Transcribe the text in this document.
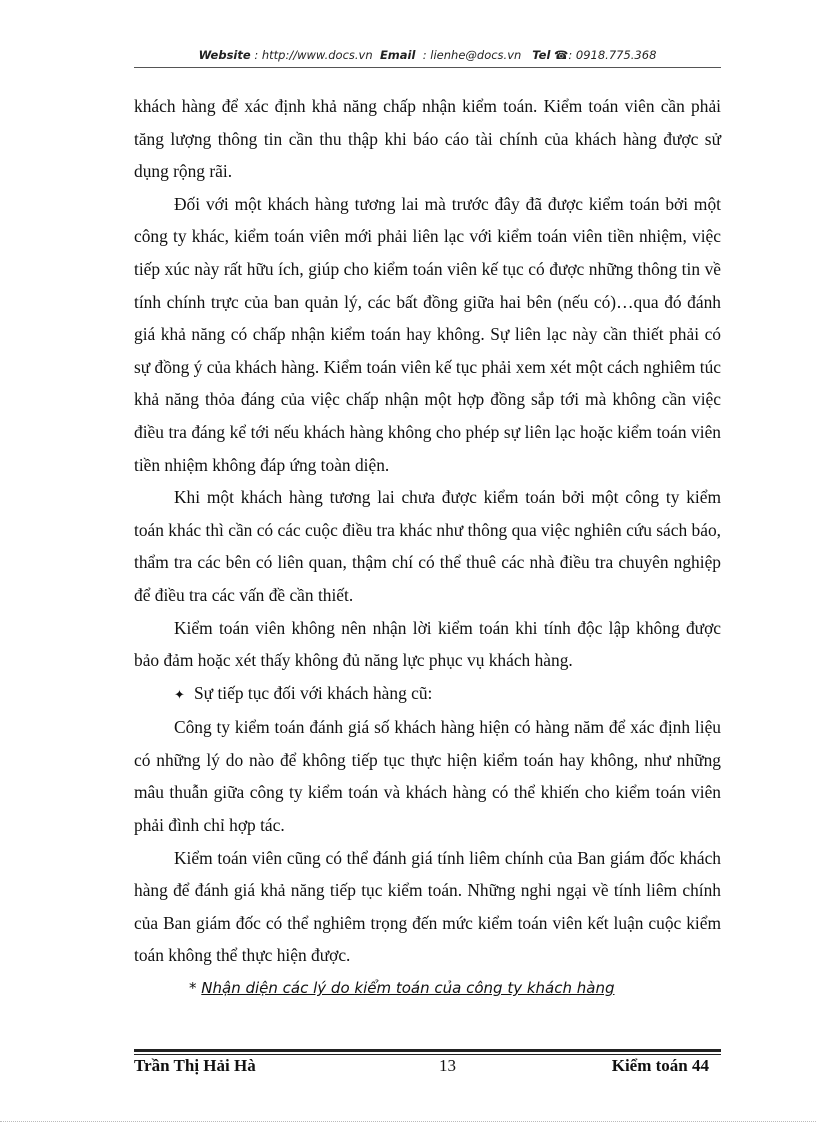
Website : http://www.docs.vn Email : lienhe@docs.vn Tel ☎: 0918.775.368

khách hàng để xác định khả năng chấp nhận kiểm toán. Kiểm toán viên cần phải tăng lượng thông tin cần thu thập khi báo cáo tài chính của khách hàng được sử dụng rộng rãi.

Đối với một khách hàng tương lai mà trước đây đã được kiểm toán bởi một công ty khác, kiểm toán viên mới phải liên lạc với kiểm toán viên tiền nhiệm, việc tiếp xúc này rất hữu ích, giúp cho kiểm toán viên kế tục có được những thông tin về tính chính trực của ban quản lý, các bất đồng giữa hai bên (nếu có)…qua đó đánh giá khả năng có chấp nhận kiểm toán hay không. Sự liên lạc này cần thiết phải có sự đồng ý của khách hàng. Kiểm toán viên kế tục phải xem xét một cách nghiêm túc khả năng thỏa đáng của việc chấp nhận một hợp đồng sắp tới mà không cần việc điều tra đáng kể tới nếu khách hàng không cho phép sự liên lạc hoặc kiểm toán viên tiền nhiệm không đáp ứng toàn diện.

Khi một khách hàng tương lai chưa được kiểm toán bởi một công ty kiểm toán khác thì cần có các cuộc điều tra khác như thông qua việc nghiên cứu sách báo, thẩm tra các bên có liên quan, thậm chí có thể thuê các nhà điều tra chuyên nghiệp để điều tra các vấn đề cần thiết.

Kiểm toán viên không nên nhận lời kiểm toán khi tính độc lập không được bảo đảm hoặc xét thấy không đủ năng lực phục vụ khách hàng.

✦ Sự tiếp tục đối với khách hàng cũ:

Công ty kiểm toán đánh giá số khách hàng hiện có hàng năm để xác định liệu có những lý do nào để không tiếp tục thực hiện kiểm toán hay không, như những mâu thuẫn giữa công ty kiểm toán và khách hàng có thể khiến cho kiểm toán viên phải đình chỉ hợp tác.

Kiểm toán viên cũng có thể đánh giá tính liêm chính của Ban giám đốc khách hàng để đánh giá khả năng tiếp tục kiểm toán. Những nghi ngại về tính liêm chính của Ban giám đốc có thể nghiêm trọng đến mức kiểm toán viên kết luận cuộc kiểm toán không thể thực hiện được.

* Nhận diện các lý do kiểm toán của công ty khách hàng

Trần Thị Hải Hà	13	Kiểm toán 44
